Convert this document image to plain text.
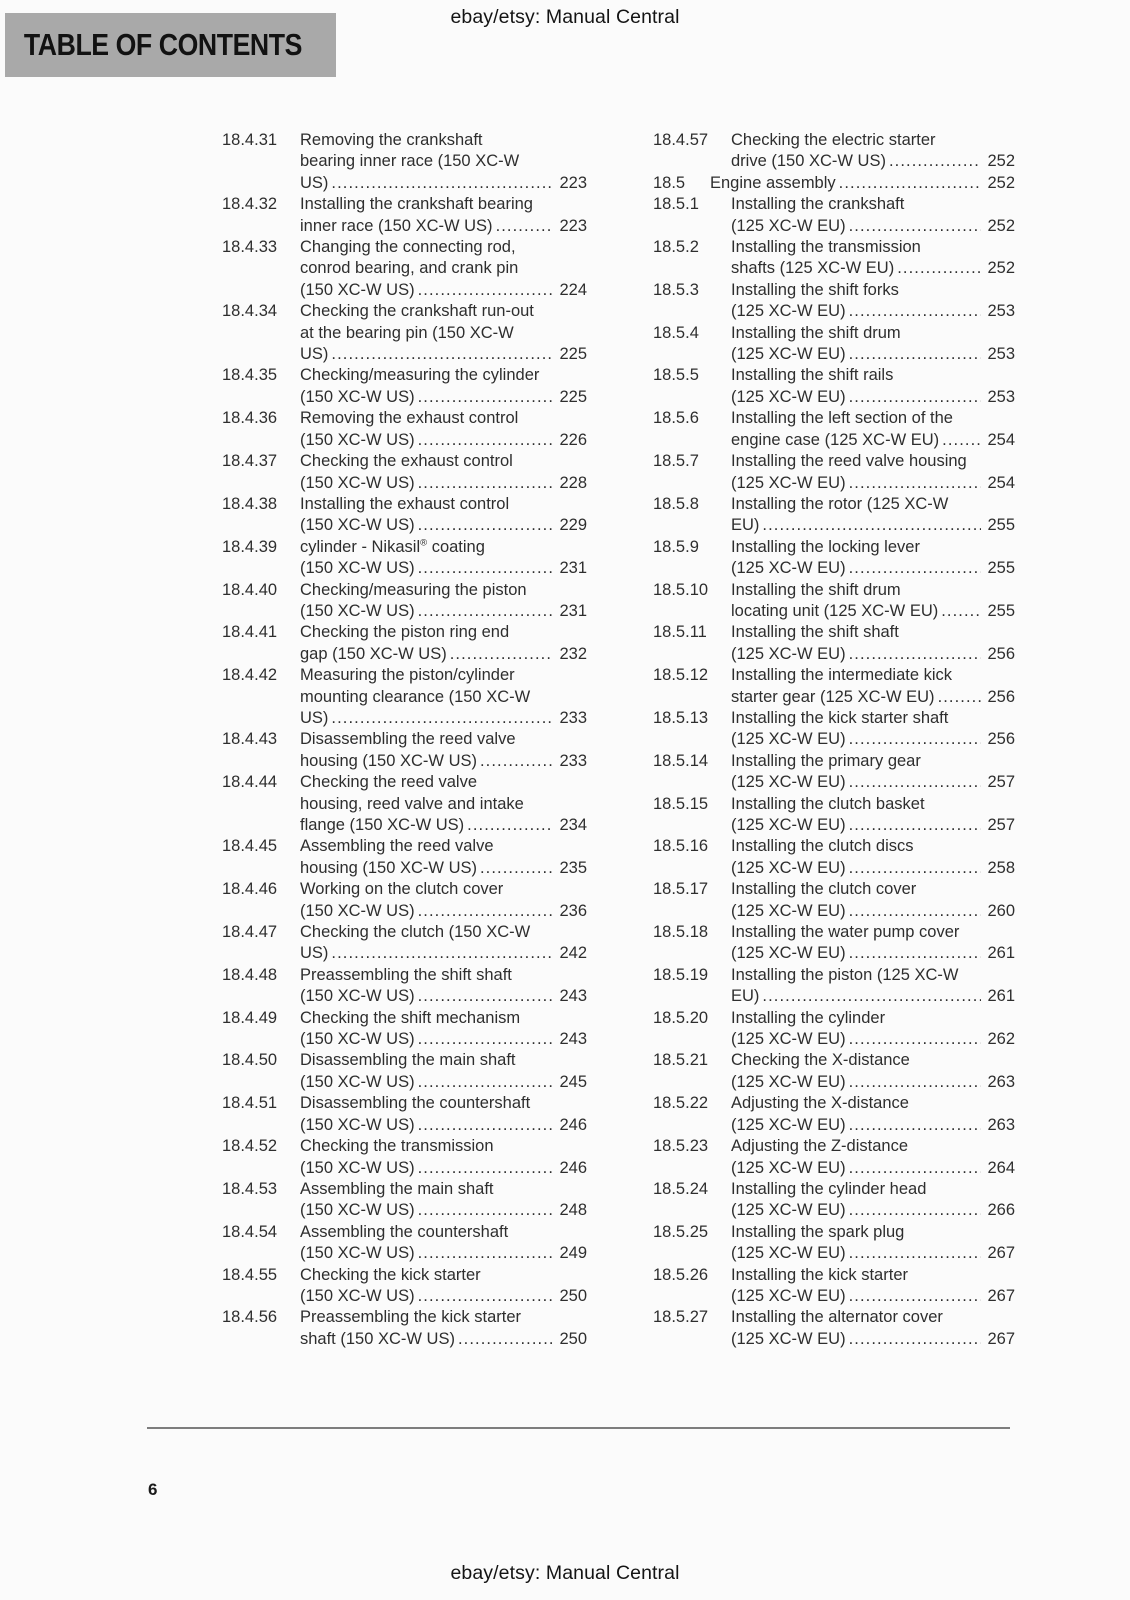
ebay/etsy: Manual Central
TABLE OF CONTENTS
18.4.31	Removing the crankshaft
bearing inner race (150 XC-W
US) .....	223
18.4.32	Installing the crankshaft bearing
inner race (150 XC-W US) .....	223
18.4.33	Changing the connecting rod,
conrod bearing, and crank pin
(150 XC-W US) .....	224
18.4.34	Checking the crankshaft run-out
at the bearing pin (150 XC-W
US) .....	225
18.4.35	Checking/measuring the cylinder
(150 XC-W US) .....	225
18.4.36	Removing the exhaust control
(150 XC-W US) .....	226
18.4.37	Checking the exhaust control
(150 XC-W US) .....	228
18.4.38	Installing the exhaust control
(150 XC-W US) .....	229
18.4.39	cylinder - Nikasil® coating
(150 XC-W US) .....	231
18.4.40	Checking/measuring the piston
(150 XC-W US) .....	231
18.4.41	Checking the piston ring end
gap (150 XC-W US) .....	232
18.4.42	Measuring the piston/cylinder
mounting clearance (150 XC-W
US) .....	233
18.4.43	Disassembling the reed valve
housing (150 XC-W US) .....	233
18.4.44	Checking the reed valve
housing, reed valve and intake
flange (150 XC-W US) .....	234
18.4.45	Assembling the reed valve
housing (150 XC-W US) .....	235
18.4.46	Working on the clutch cover
(150 XC-W US) .....	236
18.4.47	Checking the clutch (150 XC-W
US) .....	242
18.4.48	Preassembling the shift shaft
(150 XC-W US) .....	243
18.4.49	Checking the shift mechanism
(150 XC-W US) .....	243
18.4.50	Disassembling the main shaft
(150 XC-W US) .....	245
18.4.51	Disassembling the countershaft
(150 XC-W US) .....	246
18.4.52	Checking the transmission
(150 XC-W US) .....	246
18.4.53	Assembling the main shaft
(150 XC-W US) .....	248
18.4.54	Assembling the countershaft
(150 XC-W US) .....	249
18.4.55	Checking the kick starter
(150 XC-W US) .....	250
18.4.56	Preassembling the kick starter
shaft (150 XC-W US) .....	250
18.4.57	Checking the electric starter
drive (150 XC-W US) .....	252
18.5	Engine assembly .....	252
18.5.1	Installing the crankshaft
(125 XC-W EU) .....	252
18.5.2	Installing the transmission
shafts (125 XC-W EU) .....	252
18.5.3	Installing the shift forks
(125 XC-W EU) .....	253
18.5.4	Installing the shift drum
(125 XC-W EU) .....	253
18.5.5	Installing the shift rails
(125 XC-W EU) .....	253
18.5.6	Installing the left section of the
engine case (125 XC-W EU) .....	254
18.5.7	Installing the reed valve housing
(125 XC-W EU) .....	254
18.5.8	Installing the rotor (125 XC-W
EU) .....	255
18.5.9	Installing the locking lever
(125 XC-W EU) .....	255
18.5.10	Installing the shift drum
locating unit (125 XC-W EU) .....	255
18.5.11	Installing the shift shaft
(125 XC-W EU) .....	256
18.5.12	Installing the intermediate kick
starter gear (125 XC-W EU) .....	256
18.5.13	Installing the kick starter shaft
(125 XC-W EU) .....	256
18.5.14	Installing the primary gear
(125 XC-W EU) .....	257
18.5.15	Installing the clutch basket
(125 XC-W EU) .....	257
18.5.16	Installing the clutch discs
(125 XC-W EU) .....	258
18.5.17	Installing the clutch cover
(125 XC-W EU) .....	260
18.5.18	Installing the water pump cover
(125 XC-W EU) .....	261
18.5.19	Installing the piston (125 XC-W
EU) .....	261
18.5.20	Installing the cylinder
(125 XC-W EU) .....	262
18.5.21	Checking the X-distance
(125 XC-W EU) .....	263
18.5.22	Adjusting the X-distance
(125 XC-W EU) .....	263
18.5.23	Adjusting the Z-distance
(125 XC-W EU) .....	264
18.5.24	Installing the cylinder head
(125 XC-W EU) .....	266
18.5.25	Installing the spark plug
(125 XC-W EU) .....	267
18.5.26	Installing the kick starter
(125 XC-W EU) .....	267
18.5.27	Installing the alternator cover
(125 XC-W EU) .....	267
6
ebay/etsy: Manual Central
